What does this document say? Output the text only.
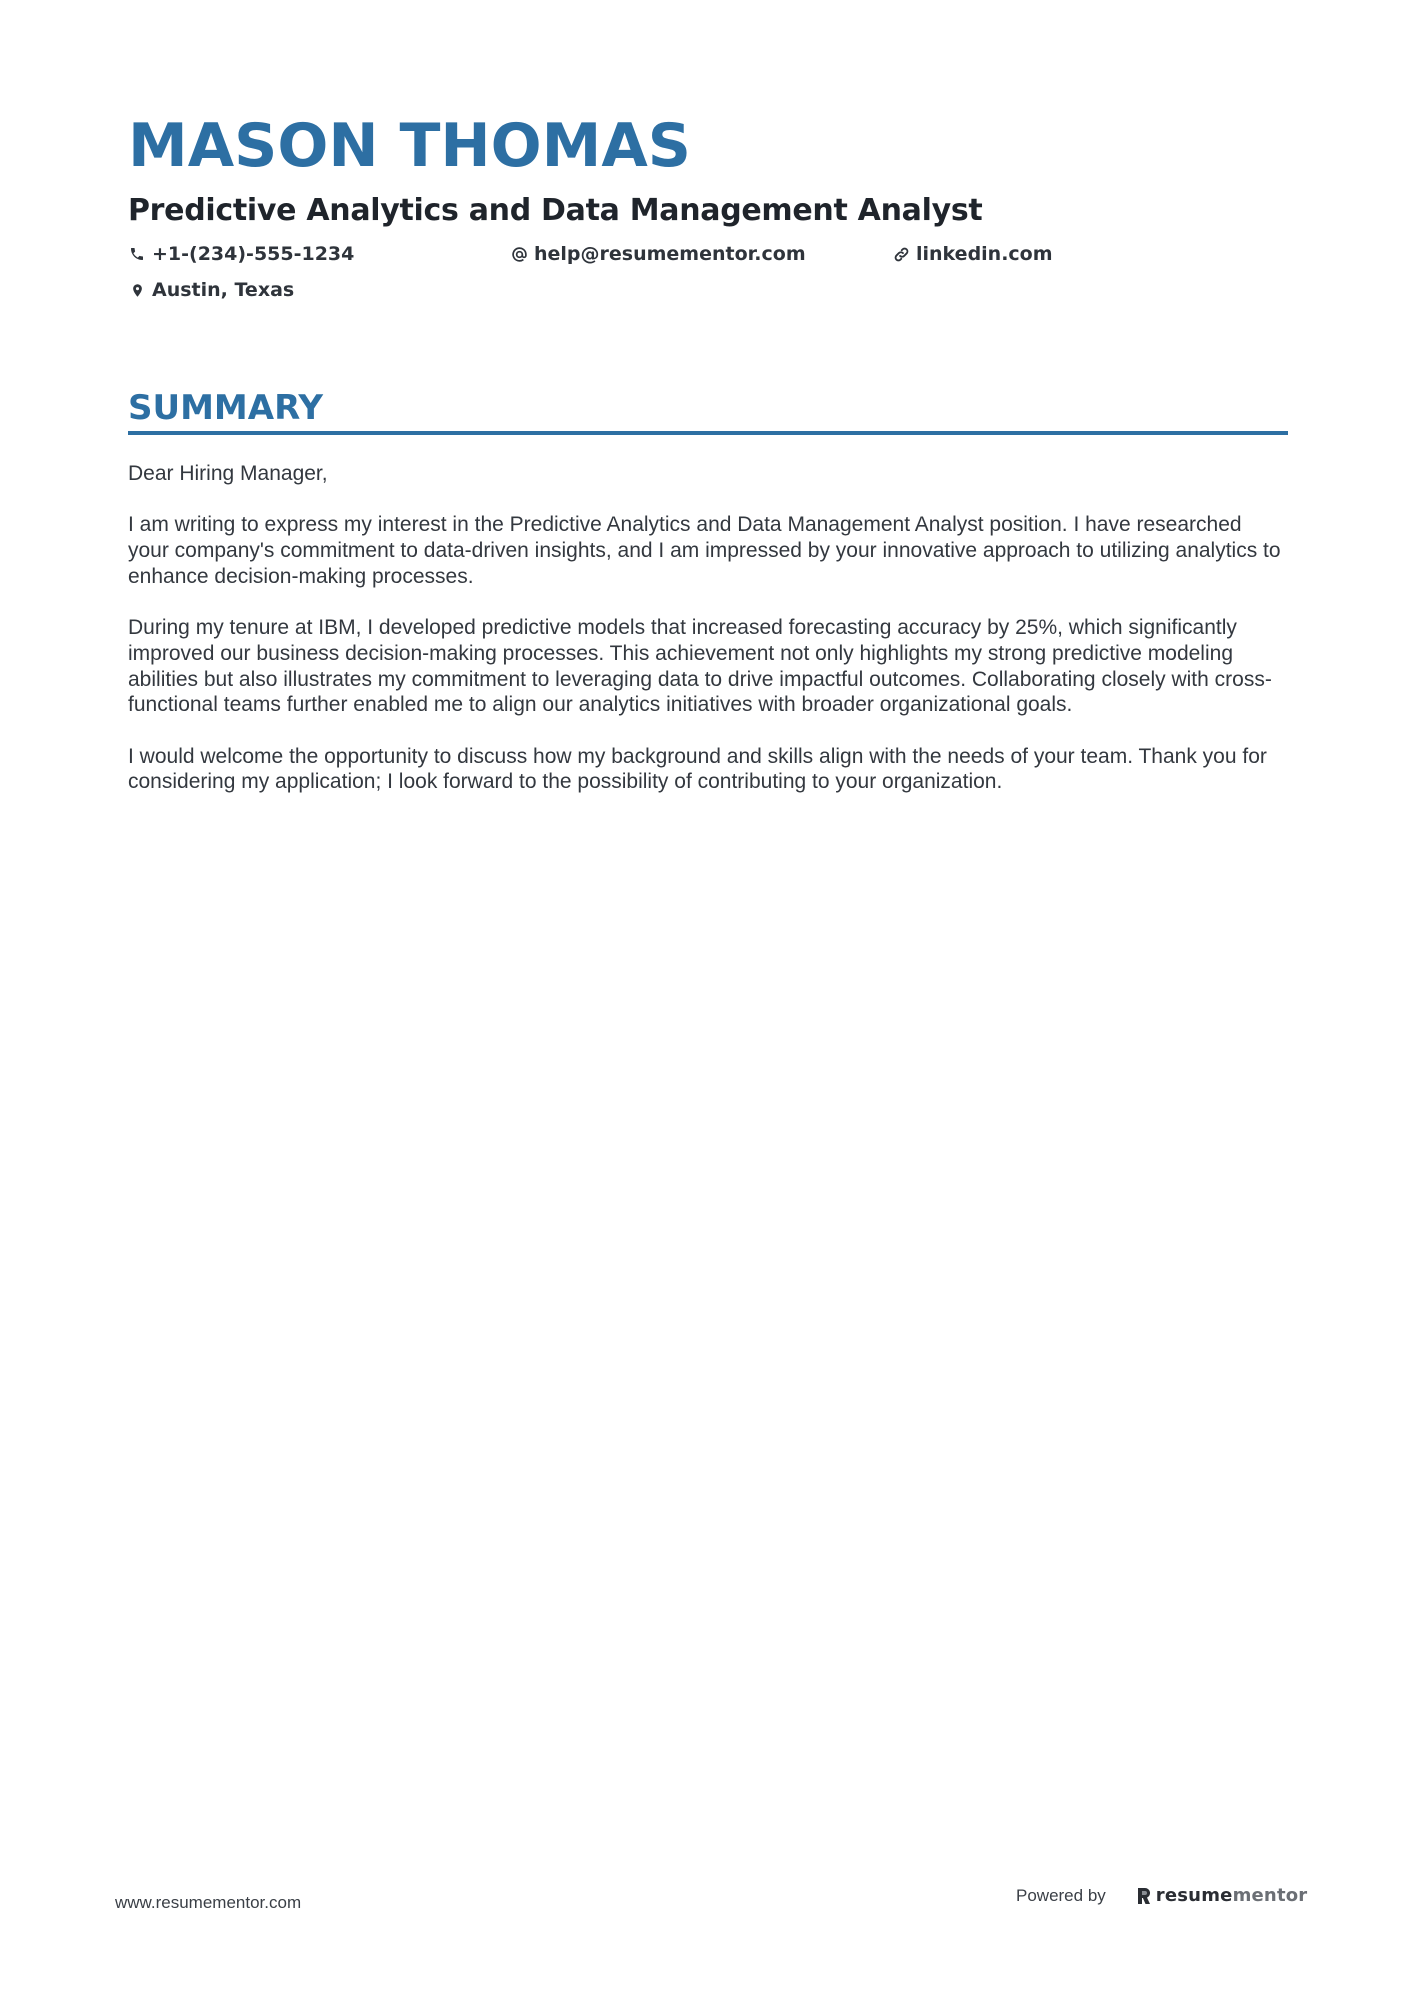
MASON THOMAS
Predictive Analytics and Data Management Analyst
+1-(234)-555-1234	help@resumementor.com	linkedin.com
Austin, Texas
SUMMARY

Dear Hiring Manager,

I am writing to express my interest in the Predictive Analytics and Data Management Analyst position. I have researched your company's commitment to data-driven insights, and I am impressed by your innovative approach to utilizing analytics to enhance decision-making processes.

During my tenure at IBM, I developed predictive models that increased forecasting accuracy by 25%, which significantly improved our business decision-making processes. This achievement not only highlights my strong predictive modeling abilities but also illustrates my commitment to leveraging data to drive impactful outcomes. Collaborating closely with cross-functional teams further enabled me to align our analytics initiatives with broader organizational goals.

I would welcome the opportunity to discuss how my background and skills align with the needs of your team. Thank you for considering my application; I look forward to the possibility of contributing to your organization.

www.resumementor.com	Powered by	resume mentor
